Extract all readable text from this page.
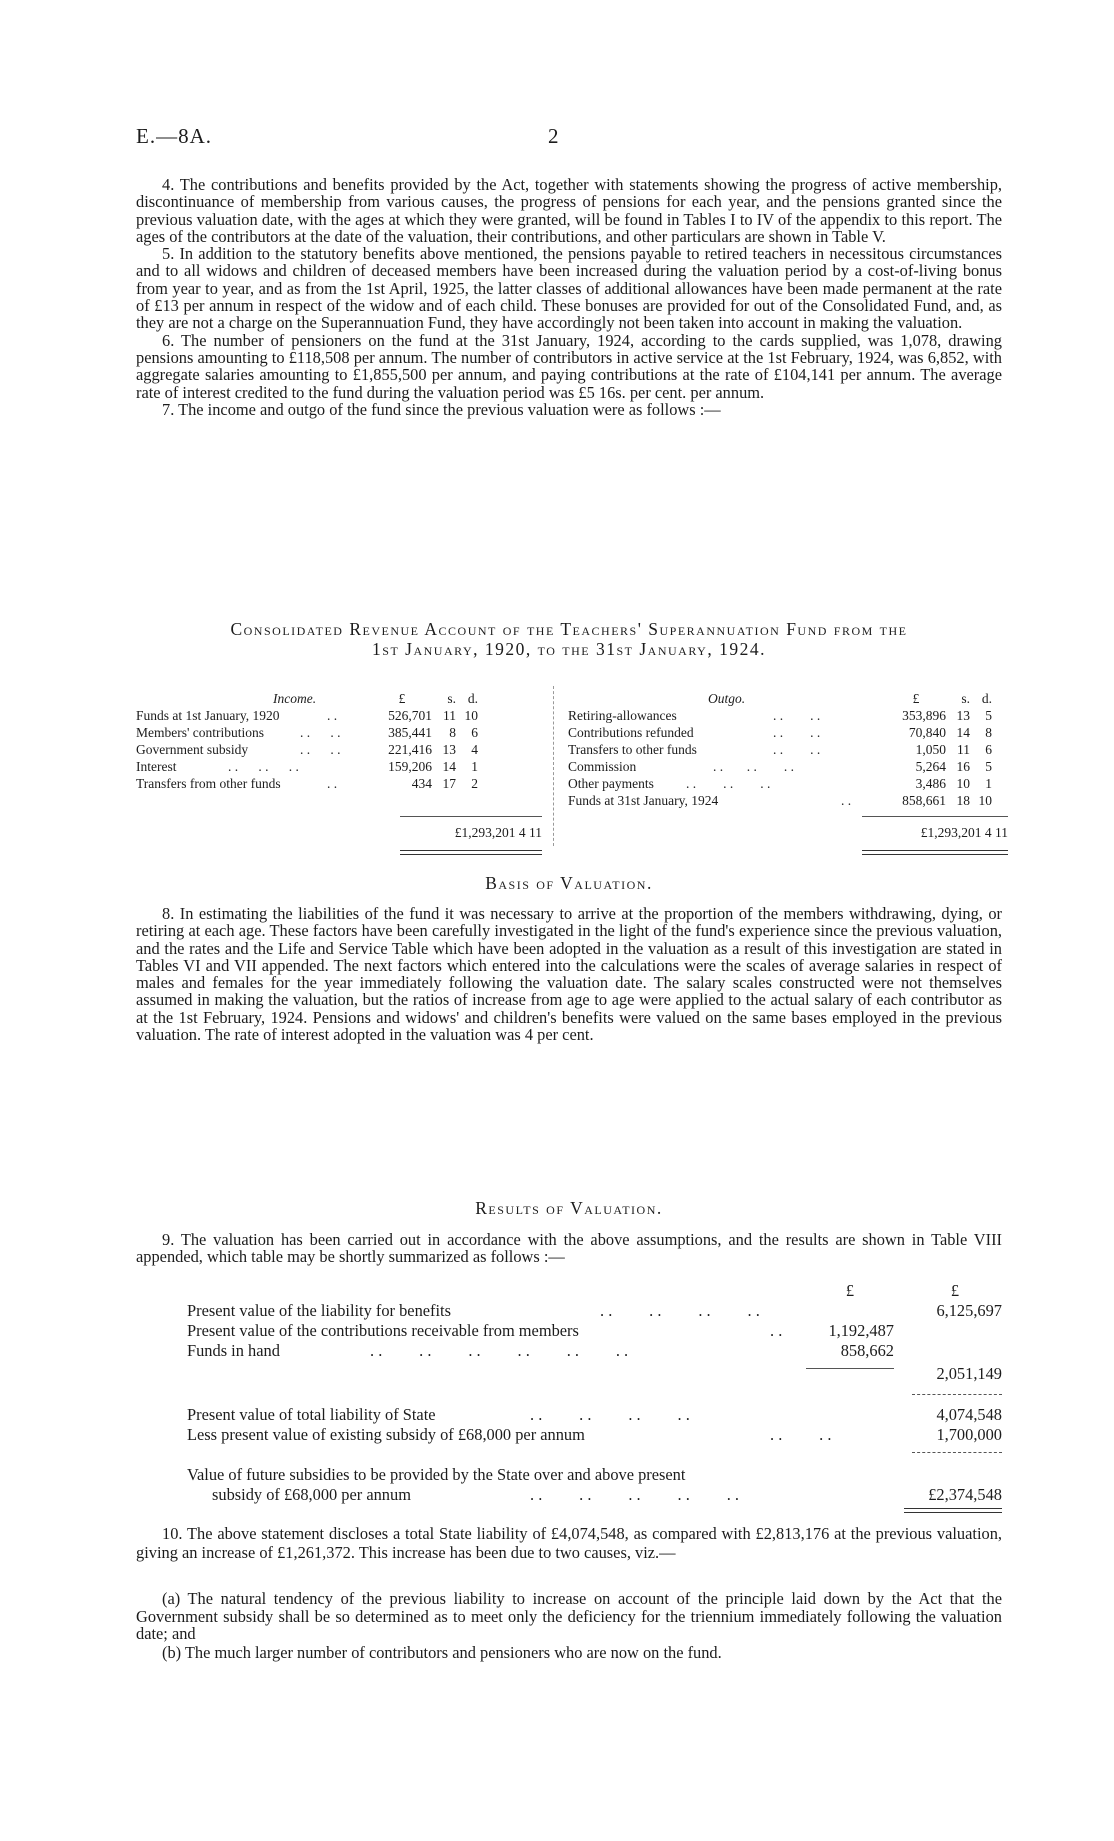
E.—8A.	2

4. The contributions and benefits provided by the Act, together with statements showing the progress of active membership, discontinuance of membership from various causes, the progress of pensions for each year, and the pensions granted since the previous valuation date, with the ages at which they were granted, will be found in Tables I to IV of the appendix to this report. The ages of the contributors at the date of the valuation, their contributions, and other particulars are shown in Table V.

5. In addition to the statutory benefits above mentioned, the pensions payable to retired teachers in necessitous circumstances and to all widows and children of deceased members have been increased during the valuation period by a cost-of-living bonus from year to year, and as from the 1st April, 1925, the latter classes of additional allowances have been made permanent at the rate of £13 per annum in respect of the widow and of each child. These bonuses are provided for out of the Consolidated Fund, and, as they are not a charge on the Superannuation Fund, they have accordingly not been taken into account in making the valuation.

6. The number of pensioners on the fund at the 31st January, 1924, according to the cards supplied, was 1,078, drawing pensions amounting to £118,508 per annum. The number of contributors in active service at the 1st February, 1924, was 6,852, with aggregate salaries amounting to £1,855,500 per annum, and paying contributions at the rate of £104,141 per annum. The average rate of interest credited to the fund during the valuation period was £5 16s. per cent. per annum.

7. The income and outgo of the fund since the previous valuation were as follows :—

Consolidated Revenue Account of the Teachers' Superannuation Fund from the
1st January, 1920, to the 31st January, 1924.
Income.	£	s. d.
Funds at 1st January, 1920	. .	526,701 11 10
Members' contributions	. .      . .	385,441	8	6
Government subsidy	. .      . .	221,416 13	4
Interest	. .      . .      . .	159,206 14	1
Transfers from other funds	. .	434 17	2
Outgo.	£	s. d.
Retiring-allowances	. .        . .	353,896 13	5
Contributions refunded	. .        . .	70,840 14	8
Transfers to other funds	. .        . .	1,050 11	6
Commission	. .       . .        . .	5,264 16	5
Other payments . .        . .        . .	3,486 10	1
Funds at 31st January, 1924	. .	858,661 18 10
£1,293,201 4 11	£1,293,201 4 11
Basis of Valuation.

8. In estimating the liabilities of the fund it was necessary to arrive at the proportion of the members withdrawing, dying, or retiring at each age. These factors have been carefully investigated in the light of the fund's experience since the previous valuation, and the rates and the Life and Service Table which have been adopted in the valuation as a result of this investigation are stated in Tables VI and VII appended. The next factors which entered into the calculations were the scales of average salaries in respect of males and females for the year immediately following the valuation date. The salary scales constructed were not themselves assumed in making the valuation, but the ratios of increase from age to age were applied to the actual salary of each contributor as at the 1st February, 1924. Pensions and widows' and children's benefits were valued on the same bases employed in the previous valuation. The rate of interest adopted in the valuation was 4 per cent.

Results of Valuation.

9. The valuation has been carried out in accordance with the above assumptions, and the results are shown in Table VIII appended, which table may be shortly summarized as follows :—

£	£
Present value of the liability for benefits	. .         . .         . .         . .	6,125,697
Present value of the contributions receivable from members	. .	1,192,487
Funds in hand	. .         . .         . .         . .         . .         . .	858,662
2,051,149
Present value of total liability of State	. .         . .         . .         . .	4,074,548
Less present value of existing subsidy of £68,000 per annum	. .         . .	1,700,000
Value of future subsidies to be provided by the State over and above present
subsidy of £68,000 per annum	. .         . .         . .         . .         . .	£2,374,548

10. The above statement discloses a total State liability of £4,074,548, as compared with £2,813,176 at the previous valuation, giving an increase of £1,261,372. This increase has been due to two causes, viz.—

(a) The natural tendency of the previous liability to increase on account of the principle laid down by the Act that the Government subsidy shall be so determined as to meet only the deficiency for the triennium immediately following the valuation date; and

(b) The much larger number of contributors and pensioners who are now on the fund.
